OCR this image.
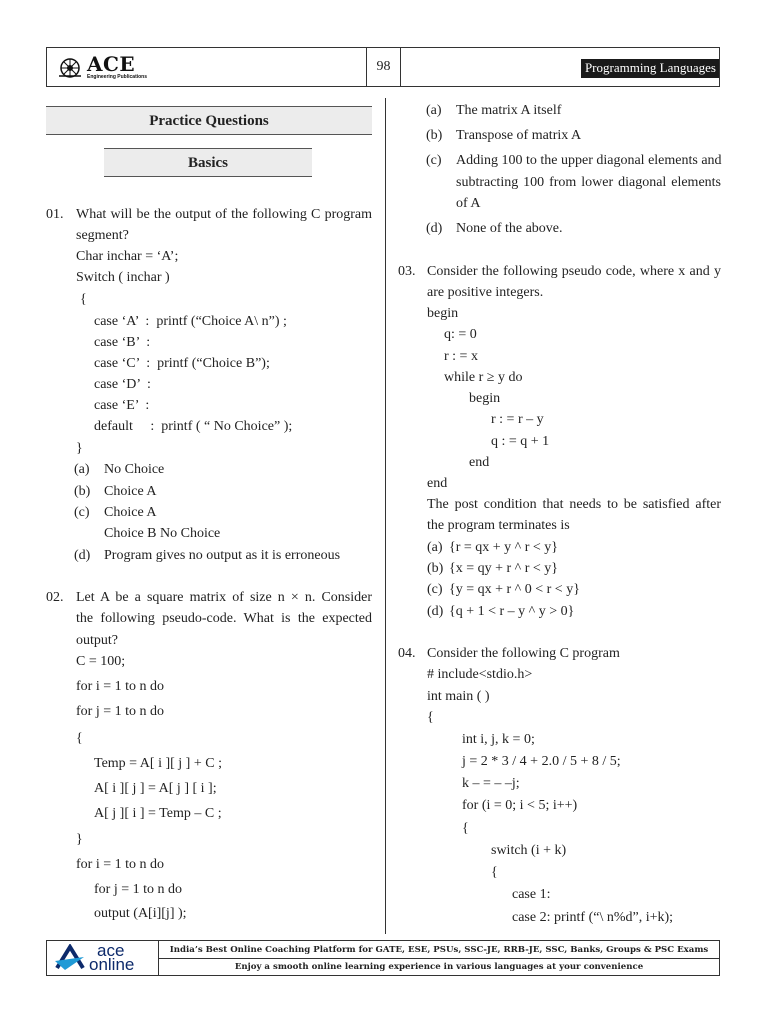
ACE
Engineering Publications
98	Programming Languages
Practice Questions
Basics
01. What will be the output of the following C program
segment?
Char inchar = ‘A’;
Switch ( inchar )
{
case ‘A’  :  printf (“Choice A\ n”) ;
case ‘B’  :
case ‘C’  :  printf (“Choice B”);
case ‘D’  :
case ‘E’  :
default     :  printf ( “ No Choice” );
}
(a) No Choice
(b) Choice A
(c) Choice A
Choice B No Choice
(d) Program gives no output as it is erroneous
02. Let A be a square matrix of size n × n. Consider
the following pseudo-code. What is the expected
output?
C = 100;
for i = 1 to n do
for j = 1 to n do
{
Temp = A[ i ][ j ] + C ;
A[ i ][ j ] = A[ j ] [ i ];
A[ j ][ i ] = Temp – C ;
}
for i = 1 to n do
for j = 1 to n do
output (A[i][j] );
(a) The matrix A itself
(b) Transpose of matrix A
(c) Adding 100 to the upper diagonal elements and
subtracting 100 from lower diagonal elements
of A
(d) None of the above.
03. Consider the following pseudo code, where x and y
are positive integers.
begin
q: = 0
r : = x
while r ≥ y do
begin
r : = r – y
q : = q + 1
end
end
The post condition that needs to be satisfied after
the program terminates is
(a) {r = qx + y ^ r < y}
(b) {x = qy + r ^ r < y}
(c) {y = qx + r ^ 0 < r < y}
(d) {q + 1 < r – y ^ y > 0}
04. Consider the following C program
# include<stdio.h>
int main ( )
{
int i, j, k = 0;
j = 2 * 3 / 4 + 2.0 / 5 + 8 / 5;
k – = – –j;
for (i = 0; i < 5; i++)
{
switch (i + k)
{
case 1:
case 2: printf (“\ n%d”, i+k);
ace
online
India’s Best Online Coaching Platform for GATE, ESE, PSUs, SSC-JE, RRB-JE, SSC, Banks, Groups & PSC Exams
Enjoy a smooth online learning experience in various languages at your convenience
